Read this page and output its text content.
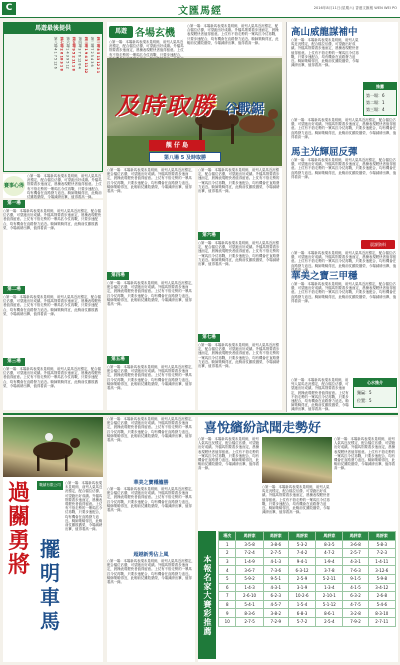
C	文匯馬經	2016年8月11日(星期六) 香港文匯報 WEN WEI PO
馬遊最後提供
第一場 8 5 13 12 2 1
第二場 7 2 5 4 3 6
第三場 1 9 4 3 11 12
第四場 3 7 6 12 8 4
第五場 9 5 2 11 1 8
第六場 1 4 3 9 5 12
第七場 2 6 10 3 1 8
第八場 4 1 7 5 12 6
馬遊 各場玄機
○第一場：本場新馬表現未見明朗，前列人氣馬近況穩定，配合檔位佔優，可望跑出好成績。外檔馬則要看步速而定，晨操表現輕快者值得留意。上仗有不俗走勢的一眾馬匹今仗再戰，只要步速配合，均有機會在直路發力追近。騎師策騎得宜，此駒前仗雖敗猶榮，今場減磅出賽，值得看高一線。
○第一場：本場新馬表現未見明朗，前列人氣馬近況穩定，配合檔位佔優，可望跑出好成績。外檔馬則要看步速而定，晨操表現輕快者值得留意。上仗有不俗走勢的一眾馬匹今仗再戰，只要步速配合，
及時取勝 谷戰鋸
靚 仔 島
第八場 5 及時取勝
賽事心得
○第一場：本場新馬表現未見明朗，前列人氣馬近況穩定，配合檔位佔優，可望跑出好成績。外檔馬則要看步速而定，晨操表現輕快者值得留意。上仗有不俗走勢的一眾馬匹今仗再戰，只要步速配合，均有機會在直路發力追近。騎師策騎得宜，此駒前仗雖敗猶榮，今場減磅出賽，值得看高一線。
第一場
○第一場：本場新馬表現未見明朗，前列人氣馬近況穩定，配合檔位佔優，可望跑出好成績。外檔馬則要看步速而定，晨操表現輕快者值得留意。上仗有不俗走勢的一眾馬匹今仗再戰，只要步速配合，均有機會在直路發力追近。騎師策騎得宜，此駒前仗雖敗猶榮，今場減磅出賽，值得看高一線。
第二場
○第一場：本場新馬表現未見明朗，前列人氣馬近況穩定，配合檔位佔優，可望跑出好成績。外檔馬則要看步速而定，晨操表現輕快者值得留意。上仗有不俗走勢的一眾馬匹今仗再戰，只要步速配合，均有機會在直路發力追近。騎師策騎得宜，此駒前仗雖敗猶榮，今場減磅出賽，值得看高一線。
第三場
○第一場：本場新馬表現未見明朗，前列人氣馬近況穩定，配合檔位佔優，可望跑出好成績。外檔馬則要看步速而定，晨操表現輕快者值得留意。上仗有不俗走勢的一眾馬匹今仗再戰，只要步速配合，均有機會在直路發力追近。騎師策騎得宜，此駒前仗雖敗猶榮，今場減磅出賽，值得看高一線。
○第一場：本場新馬表現未見明朗，前列人氣馬近況穩定，配合檔位佔優，可望跑出好成績。外檔馬則要看步速而定，晨操表現輕快者值得留意。上仗有不俗走勢的一眾馬匹今仗再戰，只要步速配合，均有機會在直路發力追近。騎師策騎得宜，此駒前仗雖敗猶榮，今場減磅出賽，值得看高一線。
第四場
○第一場：本場新馬表現未見明朗，前列人氣馬近況穩定，配合檔位佔優，可望跑出好成績。外檔馬則要看步速而定，晨操表現輕快者值得留意。上仗有不俗走勢的一眾馬匹今仗再戰，只要步速配合，均有機會在直路發力追近。騎師策騎得宜，此駒前仗雖敗猶榮，今場減磅出賽，值得看高一線。
第五場
○第一場：本場新馬表現未見明朗，前列人氣馬近況穩定，配合檔位佔優，可望跑出好成績。外檔馬則要看步速而定，晨操表現輕快者值得留意。上仗有不俗走勢的一眾馬匹今仗再戰，只要步速配合，均有機會在直路發力追近。騎師策騎得宜，此駒前仗雖敗猶榮，今場減磅出賽，值得看高一線。
○第一場：本場新馬表現未見明朗，前列人氣馬近況穩定，配合檔位佔優，可望跑出好成績。外檔馬則要看步速而定，晨操表現輕快者值得留意。上仗有不俗走勢的一眾馬匹今仗再戰，只要步速配合，均有機會在直路發力追近。騎師策騎得宜，此駒前仗雖敗猶榮，今場減磅出賽，值得看高一線。
第六場
○第一場：本場新馬表現未見明朗，前列人氣馬近況穩定，配合檔位佔優，可望跑出好成績。外檔馬則要看步速而定，晨操表現輕快者值得留意。上仗有不俗走勢的一眾馬匹今仗再戰，只要步速配合，均有機會在直路發力追近。騎師策騎得宜，此駒前仗雖敗猶榮，今場減磅出賽，值得看高一線。
第七場
○第一場：本場新馬表現未見明朗，前列人氣馬近況穩定，配合檔位佔優，可望跑出好成績。外檔馬則要看步速而定，晨操表現輕快者值得留意。上仗有不俗走勢的一眾馬匹今仗再戰，只要步速配合，均有機會在直路發力追近。騎師策騎得宜，此駒前仗雖敗猶榮，今場減磅出賽，值得看高一線。
高山威龍謀補中
○第一場：本場新馬表現未見明朗，前列人氣馬近況穩定，配合檔位佔優，可望跑出好成績。外檔馬則要看步速而定，晨操表現輕快者值得留意。上仗有不俗走勢的一眾馬匹今仗再戰，只要步速配合，均有機會在直路發力追近。騎師策騎得宜，此駒前仗雖敗猶榮，今場減磅出賽，值得看高一線。
推薦
第一場：6
第二場：1
第三場：4
○第一場：本場新馬表現未見明朗，前列人氣馬近況穩定，配合檔位佔優，可望跑出好成績。外檔馬則要看步速而定，晨操表現輕快者值得留意。上仗有不俗走勢的一眾馬匹今仗再戰，只要步速配合，均有機會在直路發力追近。騎師策騎得宜，此駒前仗雖敗猶榮，今場減磅出賽，值得看高一線。
馬主光輝屈反彈
○第一場：本場新馬表現未見明朗，前列人氣馬近況穩定，配合檔位佔優，可望跑出好成績。外檔馬則要看步速而定，晨操表現輕快者值得留意。上仗有不俗走勢的一眾馬匹今仗再戰，只要步速配合，均有機會在直路發力追近。騎師策騎得宜，此駒前仗雖敗猶榮，今場減磅出賽，值得看高一線。
晨課資料
○第一場：本場新馬表現未見明朗，前列人氣馬近況穩定，配合檔位佔優，可望跑出好成績。外檔馬則要看步速而定，晨操表現輕快者值得留意。上仗有不俗走勢的一眾馬匹今仗再戰，只要步速配合，均有機會在直路發力追近。騎師策騎得宜，此駒前仗雖敗猶榮，今場減磅出賽，值得看高一線。
華美之寶三甲穩
○第一場：本場新馬表現未見明朗，前列人氣馬近況穩定，配合檔位佔優，可望跑出好成績。外檔馬則要看步速而定，晨操表現輕快者值得留意。上仗有不俗走勢的一眾馬匹今仗再戰，只要步速配合，均有機會在直路發力追近。騎師策騎得宜，此駒前仗雖敗猶榮，今場減磅出賽，值得看高一線。
心水推介
獨贏：5
位置：5
○第一場：本場新馬表現未見明朗，前列人氣馬近況穩定，配合檔位佔優，可望跑出好成績。外檔馬則要看步速而定，晨操表現輕快者值得留意。上仗有不俗走勢的一眾馬匹今仗再戰，只要步速配合，均有機會在直路發力追近。騎師策騎得宜，此駒前仗雖敗猶榮，今場減磅出賽，值得看高一線。
過
關
勇
將
擺
明
車
馬
○第一場：本場新馬表現未見明朗，前列人氣馬近況穩定，配合檔位佔優，可望跑出好成績。外檔馬則要看步速而定，晨操表現輕快者值得留意。上仗有不俗走勢的一眾馬匹今仗再戰，只要步速配合，均有機會在直路發力追近。騎師策騎得宜，此駒前仗雖敗猶榮，今場減磅出賽，值得看高一線。
戰績有限公司
○第一場：本場新馬表現未見明朗，前列人氣馬近況穩定，配合檔位佔優，可望跑出好成績。外檔馬則要看步速而定，晨操表現輕快者值得留意。上仗有不俗走勢的一眾馬匹今仗再戰，只要步速配合，均有機會在直路發力追近。騎師策騎得宜，此駒前仗雖敗猶榮，今場減磅出賽，值得看高一線。
華美之寶穩膽勝
○第一場：本場新馬表現未見明朗，前列人氣馬近況穩定，配合檔位佔優，可望跑出好成績。外檔馬則要看步速而定，晨操表現輕快者值得留意。上仗有不俗走勢的一眾馬匹今仗再戰，只要步速配合，均有機會在直路發力追近。騎師策騎得宜，此駒前仗雖敗猶榮，今場減磅出賽，值得看高一線。
超越新秀佔上風
○第一場：本場新馬表現未見明朗，前列人氣馬近況穩定，配合檔位佔優，可望跑出好成績。外檔馬則要看步速而定，晨操表現輕快者值得留意。上仗有不俗走勢的一眾馬匹今仗再戰，只要步速配合，均有機會在直路發力追近。騎師策騎得宜，此駒前仗雖敗猶榮，今場減磅出賽，值得看高一線。
喜悅繽紛試聞走勢好
○第一場：本場新馬表現未見明朗，前列人氣馬近況穩定，配合檔位佔優，可望跑出好成績。外檔馬則要看步速而定，晨操表現輕快者值得留意。上仗有不俗走勢的一眾馬匹今仗再戰，只要步速配合，均有機會在直路發力追近。騎師策騎得宜，此駒前仗雖敗猶榮，今場減磅出賽，值得看高一線。
○第一場：本場新馬表現未見明朗，前列人氣馬近況穩定，配合檔位佔優，可望跑出好成績。外檔馬則要看步速而定，晨操表現輕快者值得留意。上仗有不俗走勢的一眾馬匹今仗再戰，只要步速配合，均有機會在直路發力追近。騎師策騎得宜，此駒前仗雖敗猶榮，今場減磅出賽，值得看高一線。
○第一場：本場新馬表現未見明朗，前列人氣馬近況穩定，配合檔位佔優，可望跑出好成績。外檔馬則要看步速而定，晨操表現輕快者值得留意。上仗有不俗走勢的一眾馬匹今仗再戰，只要步速配合，均有機會在直路發力追近。騎師策騎得宜，此駒前仗雖敗猶榮，今場減磅出賽，值得看高一線。
本報名家大賽彩推薦
場次	馬評家	馬評家	馬評家	馬評家	馬評家	馬評家
1	3-5-8	3-8-6	5-3-2	8-3-5	3-6-8	5-8-3
2	7-2-4	2-7-5	7-4-2	4-7-2	2-5-7	7-2-3
3	1-4-9	4-1-3	9-4-1	1-9-4	4-3-1	1-4-11
4	3-6-7	7-3-6	6-3-12	3-7-8	7-6-3	3-12-6
5	5-9-2	9-5-1	2-5-9	5-2-11	9-1-5	5-9-8
6	1-4-3	4-3-1	3-1-9	1-3-4	4-1-5	3-4-12
7	2-6-10	6-2-3	10-2-6	2-10-1	6-3-2	2-6-8
8	5-4-1	4-5-7	1-5-4	5-1-12	4-7-5	5-4-6
9	8-3-6	3-8-2	6-8-3	8-6-1	3-2-8	8-3-10
10	2-7-5	7-2-9	5-7-2	2-5-4	7-9-2	2-7-11
